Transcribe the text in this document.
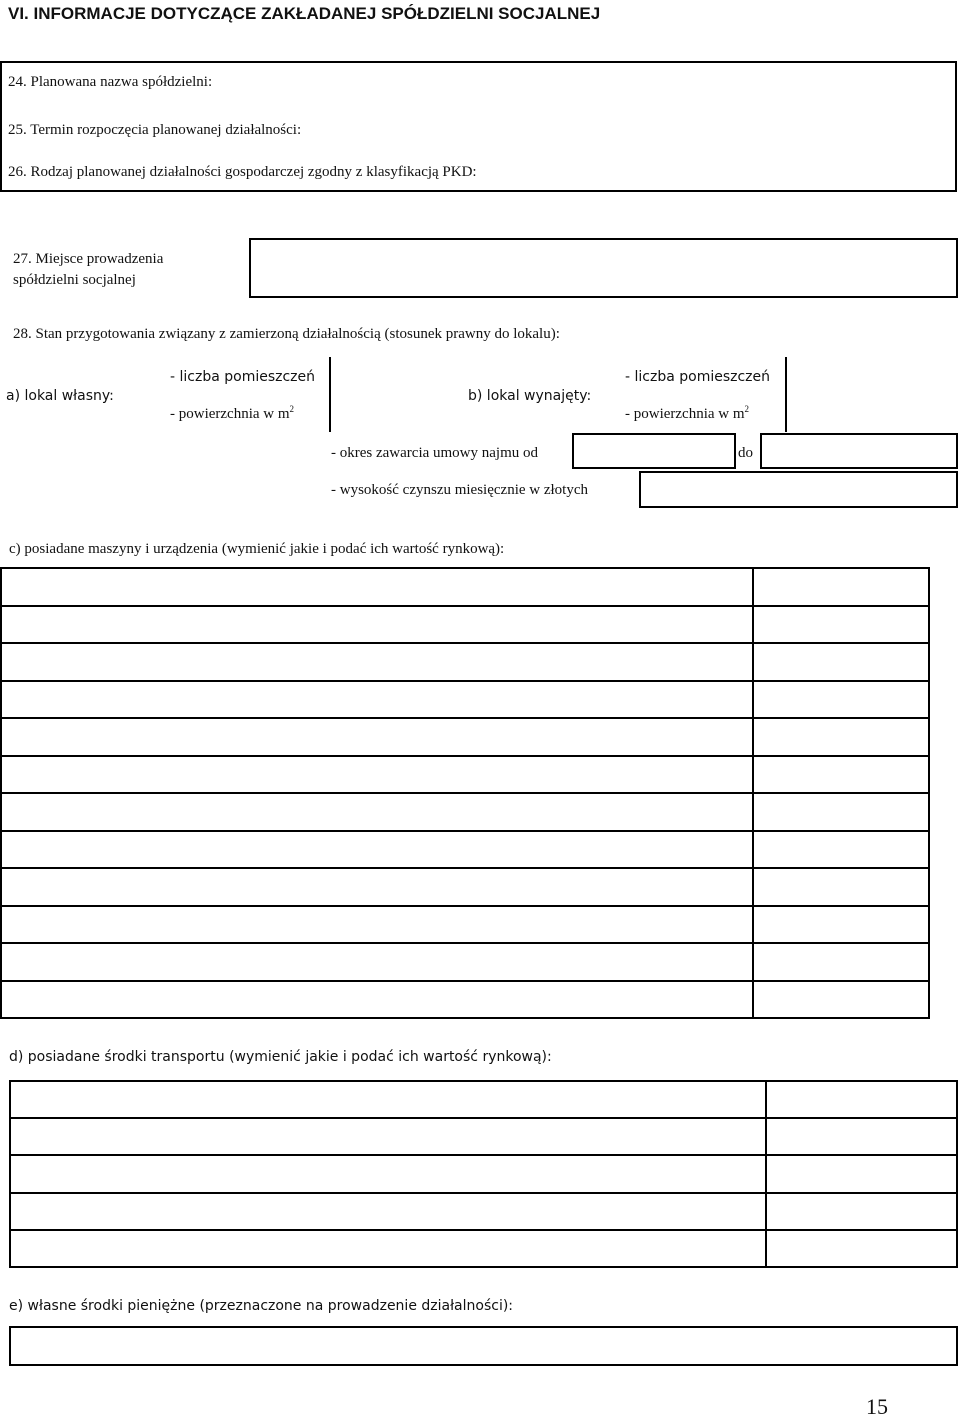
VI. INFORMACJE DOTYCZĄCE ZAKŁADANEJ SPÓŁDZIELNI SOCJALNEJ
24. Planowana nazwa spółdzielni:
25. Termin rozpoczęcia planowanej działalności:
26. Rodzaj planowanej działalności gospodarczej zgodny z klasyfikacją PKD:
27. Miejsce prowadzenia
spółdzielni socjalnej
28. Stan przygotowania związany z zamierzoną działalnością (stosunek prawny do lokalu):
a) lokal własny:
- liczba pomieszczeń
- powierzchnia w $m^2$
b) lokal wynajęty:
- liczba pomieszczeń
- powierzchnia w $m^2$
- okres zawarcia umowy najmu od	do
- wysokość czynszu miesięcznie w złotych
c) posiadane maszyny i urządzenia (wymienić jakie i podać ich wartość rynkową):

d) posiadane środki transportu (wymienić jakie i podać ich wartość rynkową):

e) własne środki pieniężne (przeznaczone na prowadzenie działalności):
15
